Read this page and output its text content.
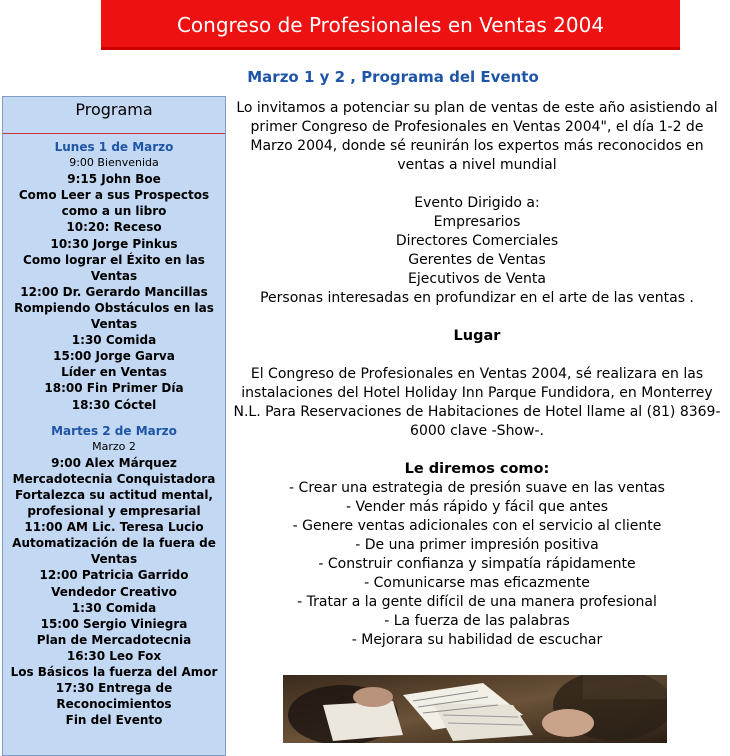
Congreso de Profesionales en Ventas 2004
Marzo 1 y 2 , Programa del Evento
Programa
Lunes 1 de Marzo
9:00 Bienvenida
9:15 John Boe
Como Leer a sus Prospectos como a un libro
10:20: Receso
10:30 Jorge Pinkus
Como lograr el Éxito en las Ventas
12:00 Dr. Gerardo Mancillas
Rompiendo Obstáculos en las Ventas
1:30 Comida
15:00 Jorge Garva
Líder en Ventas
18:00 Fin Primer Día
18:30 Cóctel
Martes 2 de Marzo
Marzo 2
9:00 Alex Márquez
Mercadotecnia Conquistadora
Fortalezca su actitud mental, profesional y empresarial
11:00 AM Lic. Teresa Lucio
Automatización de la fuera de Ventas
12:00 Patricia Garrido
Vendedor Creativo
1:30 Comida
15:00 Sergio Viniegra
Plan de Mercadotecnia
16:30 Leo Fox
Los Básicos la fuerza del Amor
17:30 Entrega de Reconocimientos
Fin del Evento

Lo invitamos a potenciar su plan de ventas de este año asistiendo al primer Congreso de Profesionales en Ventas 2004", el día 1-2 de Marzo 2004, donde sé reunirán los expertos más reconocidos en ventas a nivel mundial

Evento Dirigido a:

Empresarios

Directores Comerciales

Gerentes de Ventas

Ejecutivos de Venta

Personas interesadas en profundizar en el arte de las ventas .

Lugar

El Congreso de Profesionales en Ventas 2004, sé realizara en las instalaciones del Hotel Holiday Inn Parque Fundidora, en Monterrey N.L. Para Reservaciones de Habitaciones de Hotel llame al (81) 8369-6000 clave -Show-.

Le diremos como:

- Crear una estrategia de presión suave en las ventas

- Vender más rápido y fácil que antes

- Genere ventas adicionales con el servicio al cliente

- De una primer impresión positiva

- Construir confianza y simpatía rápidamente

- Comunicarse mas eficazmente

- Tratar a la gente difícil de una manera profesional

- La fuerza de las palabras

- Mejorara su habilidad de escuchar
